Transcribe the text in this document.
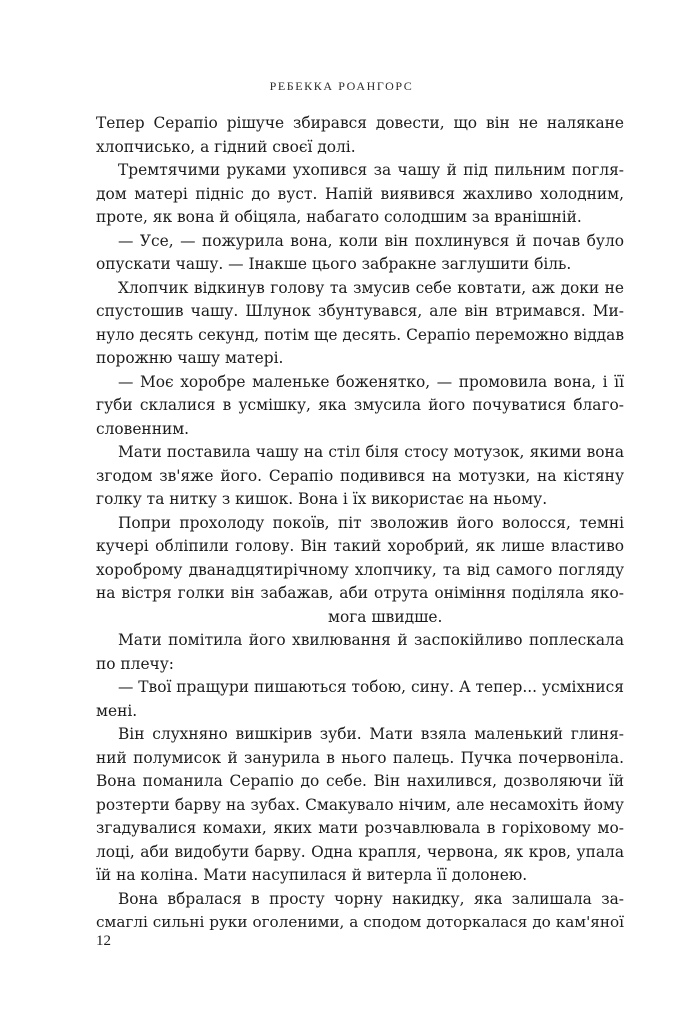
РЕБЕККА РОАНГОРС
Тепер Серапіо рішуче збирався довести, що він не налякане
хлопчисько, а гідний своєї долі.
Тремтячими руками ухопився за чашу й під пильним погля-
дом матері підніс до вуст. Напій виявився жахливо холодним,
проте, як вона й обіцяла, набагато солодшим за вранішній.
— Усе, — пожурила вона, коли він похлинувся й почав було
опускати чашу. — Інакше цього забракне заглушити біль.
Хлопчик відкинув голову та змусив себе ковтати, аж доки не
спустошив чашу. Шлунок збунтувався, але він втримався. Ми-
нуло десять секунд, потім ще десять. Серапіо переможно віддав
порожню чашу матері.
— Моє хоробре маленьке боженятко, — промовила вона, і її
губи склалися в усмішку, яка змусила його почуватися благо-
словенним.
Мати поставила чашу на стіл біля стосу мотузок, якими вона
згодом зв'яже його. Серапіо подивився на мотузки, на кістяну
голку та нитку з кишок. Вона і їх використає на ньому.
Попри прохолоду покоїв, піт зволожив його волосся, темні
кучері обліпили голову. Він такий хоробрий, як лише властиво
хороброму дванадцятирічному хлопчику, та від самого погляду
на вістря голки він забажав, аби отрута оніміння поділяла яко-
мога швидше.
Мати помітила його хвилювання й заспокійливо поплескала
по плечу:
— Твої пращури пишаються тобою, сину. А тепер... усміхнися
мені.
Він слухняно вишкірив зуби. Мати взяла маленький глиня-
ний полумисок й занурила в нього палець. Пучка почервоніла.
Вона поманила Серапіо до себе. Він нахилився, дозволяючи їй
розтерти барву на зубах. Смакувало нічим, але несамохіть йому
згадувалися комахи, яких мати розчавлювала в горіховому мо-
лоці, аби видобути барву. Одна крапля, червона, як кров, упала
їй на коліна. Мати насупилася й витерла її долонею.
Вона вбралася в просту чорну накидку, яка залишала за-
смаглі сильні руки оголеними, а сподом доторкалася до кам'яної
12
